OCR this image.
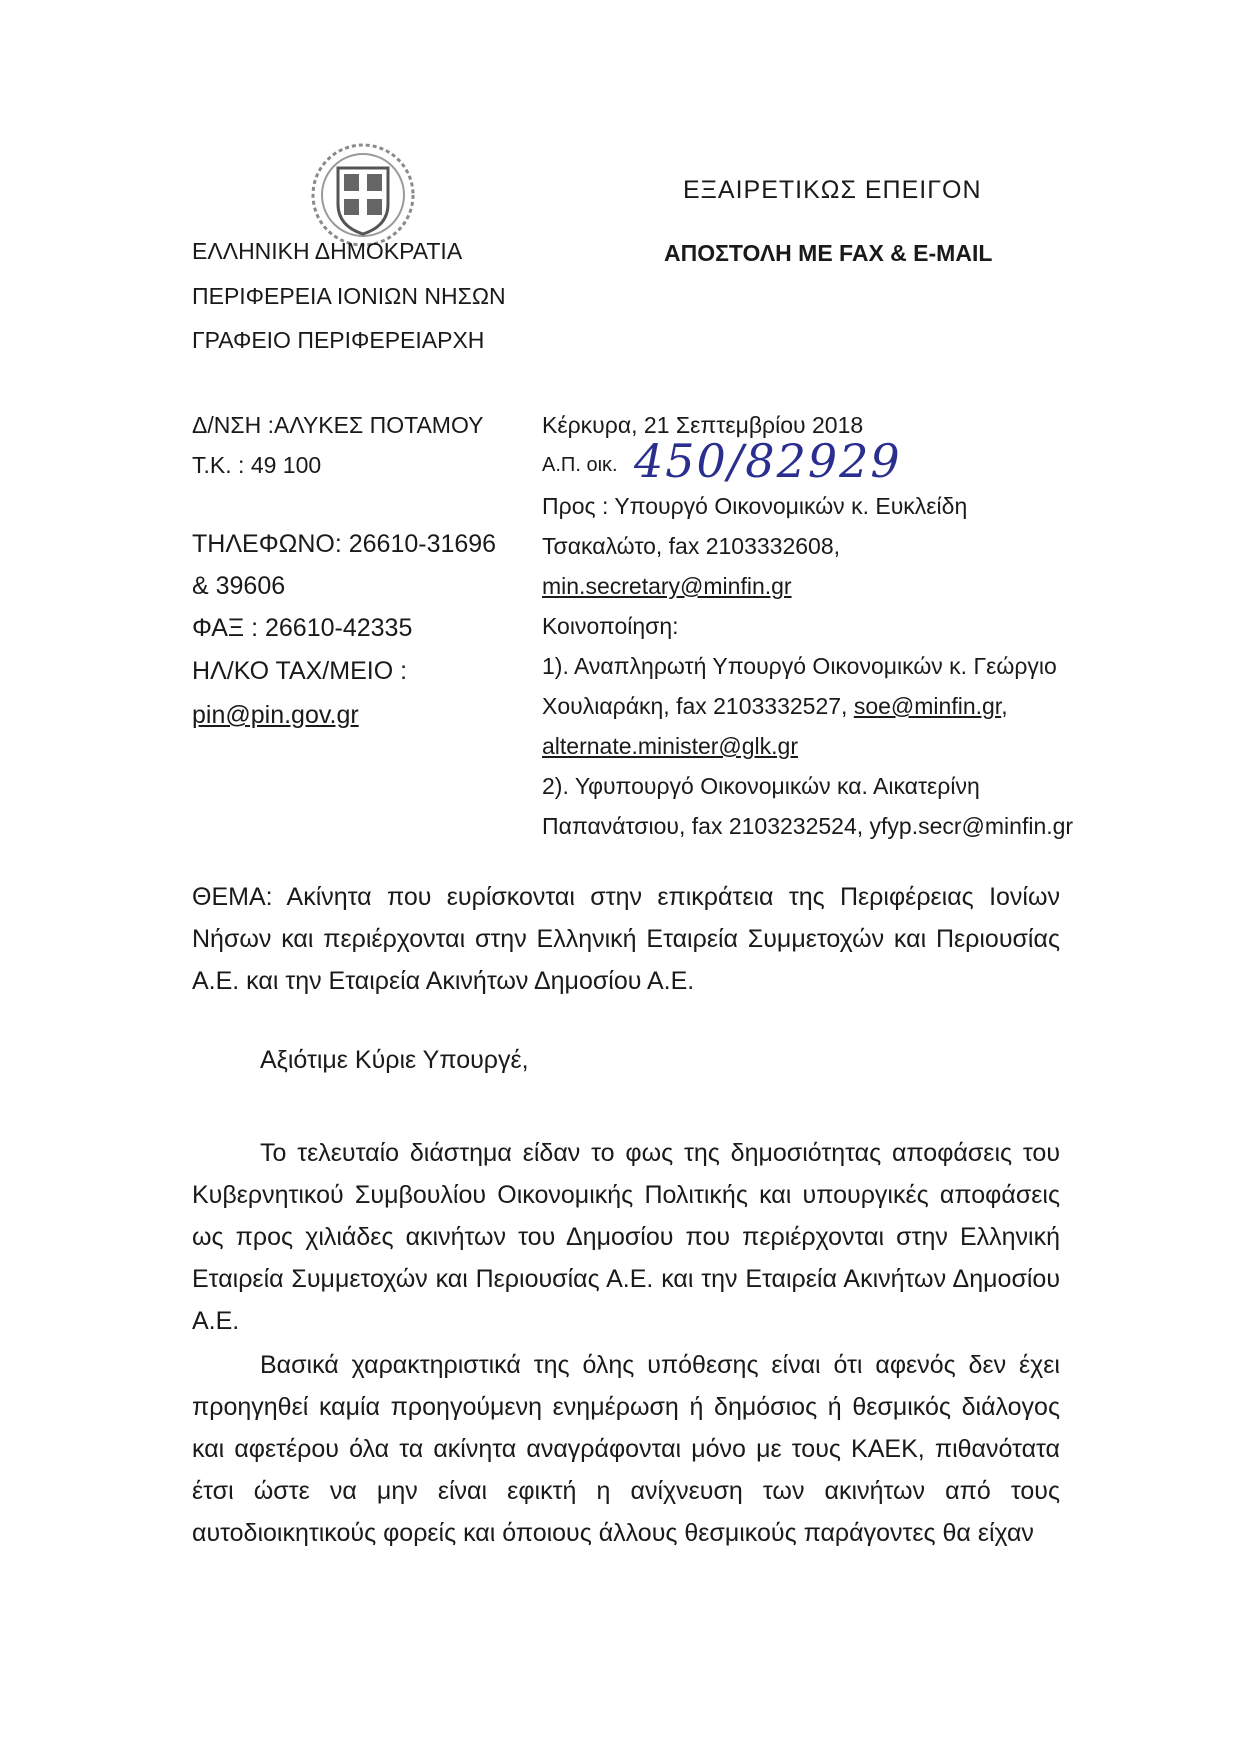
ΕΛΛΗΝΙΚΗ ΔΗΜΟΚΡΑΤΙΑ
ΠΕΡΙΦΕΡΕΙΑ ΙΟΝΙΩΝ ΝΗΣΩΝ
ΓΡΑΦΕΙΟ ΠΕΡΙΦΕΡΕΙΑΡΧΗ
ΕΞΑΙΡΕΤΙΚΩΣ ΕΠΕΙΓΟΝ
ΑΠΟΣΤΟΛΗ ΜΕ FAX & E-MAIL
Δ/ΝΣΗ :ΑΛΥΚΕΣ ΠΟΤΑΜΟΥ
Τ.Κ. : 49 100
ΤΗΛΕΦΩΝΟ: 26610-31696
& 39606
ΦΑΞ : 26610-42335
ΗΛ/ΚΟ ΤΑΧ/ΜΕΙΟ :
pin@pin.gov.gr
Κέρκυρα, 21 Σεπτεμβρίου 2018
Α.Π. οικ. 450/82929
Προς : Υπουργό Οικονομικών κ. Ευκλείδη
Τσακαλώτο, fax 2103332608,
min.secretary@minfin.gr
Κοινοποίηση:
1). Αναπληρωτή Υπουργό Οικονομικών κ. Γεώργιο
Χουλιαράκη, fax 2103332527, soe@minfin.gr,
alternate.minister@glk.gr
2). Υφυπουργό Οικονομικών κα. Αικατερίνη
Παπανάτσιου, fax 2103232524, yfyp.secr@minfin.gr
ΘΕΜΑ: Ακίνητα που ευρίσκονται στην επικράτεια της Περιφέρειας Ιονίων Νήσων και περιέρχονται στην Ελληνική Εταιρεία Συμμετοχών και Περιουσίας Α.Ε. και την Εταιρεία Ακινήτων Δημοσίου Α.Ε.
Αξιότιμε Κύριε Υπουργέ,
Το τελευταίο διάστημα είδαν το φως της δημοσιότητας αποφάσεις του Κυβερνητικού Συμβουλίου Οικονομικής Πολιτικής και υπουργικές αποφάσεις ως προς χιλιάδες ακινήτων του Δημοσίου που περιέρχονται στην Ελληνική Εταιρεία Συμμετοχών και Περιουσίας Α.Ε. και την Εταιρεία Ακινήτων Δημοσίου Α.Ε.
Βασικά χαρακτηριστικά της όλης υπόθεσης είναι ότι αφενός δεν έχει προηγηθεί καμία προηγούμενη ενημέρωση ή δημόσιος ή θεσμικός διάλογος και αφετέρου όλα τα ακίνητα αναγράφονται μόνο με τους ΚΑΕΚ, πιθανότατα έτσι ώστε να μην είναι εφικτή η ανίχνευση των ακινήτων από τους αυτοδιοικητικούς φορείς και όποιους άλλους θεσμικούς παράγοντες θα είχαν
